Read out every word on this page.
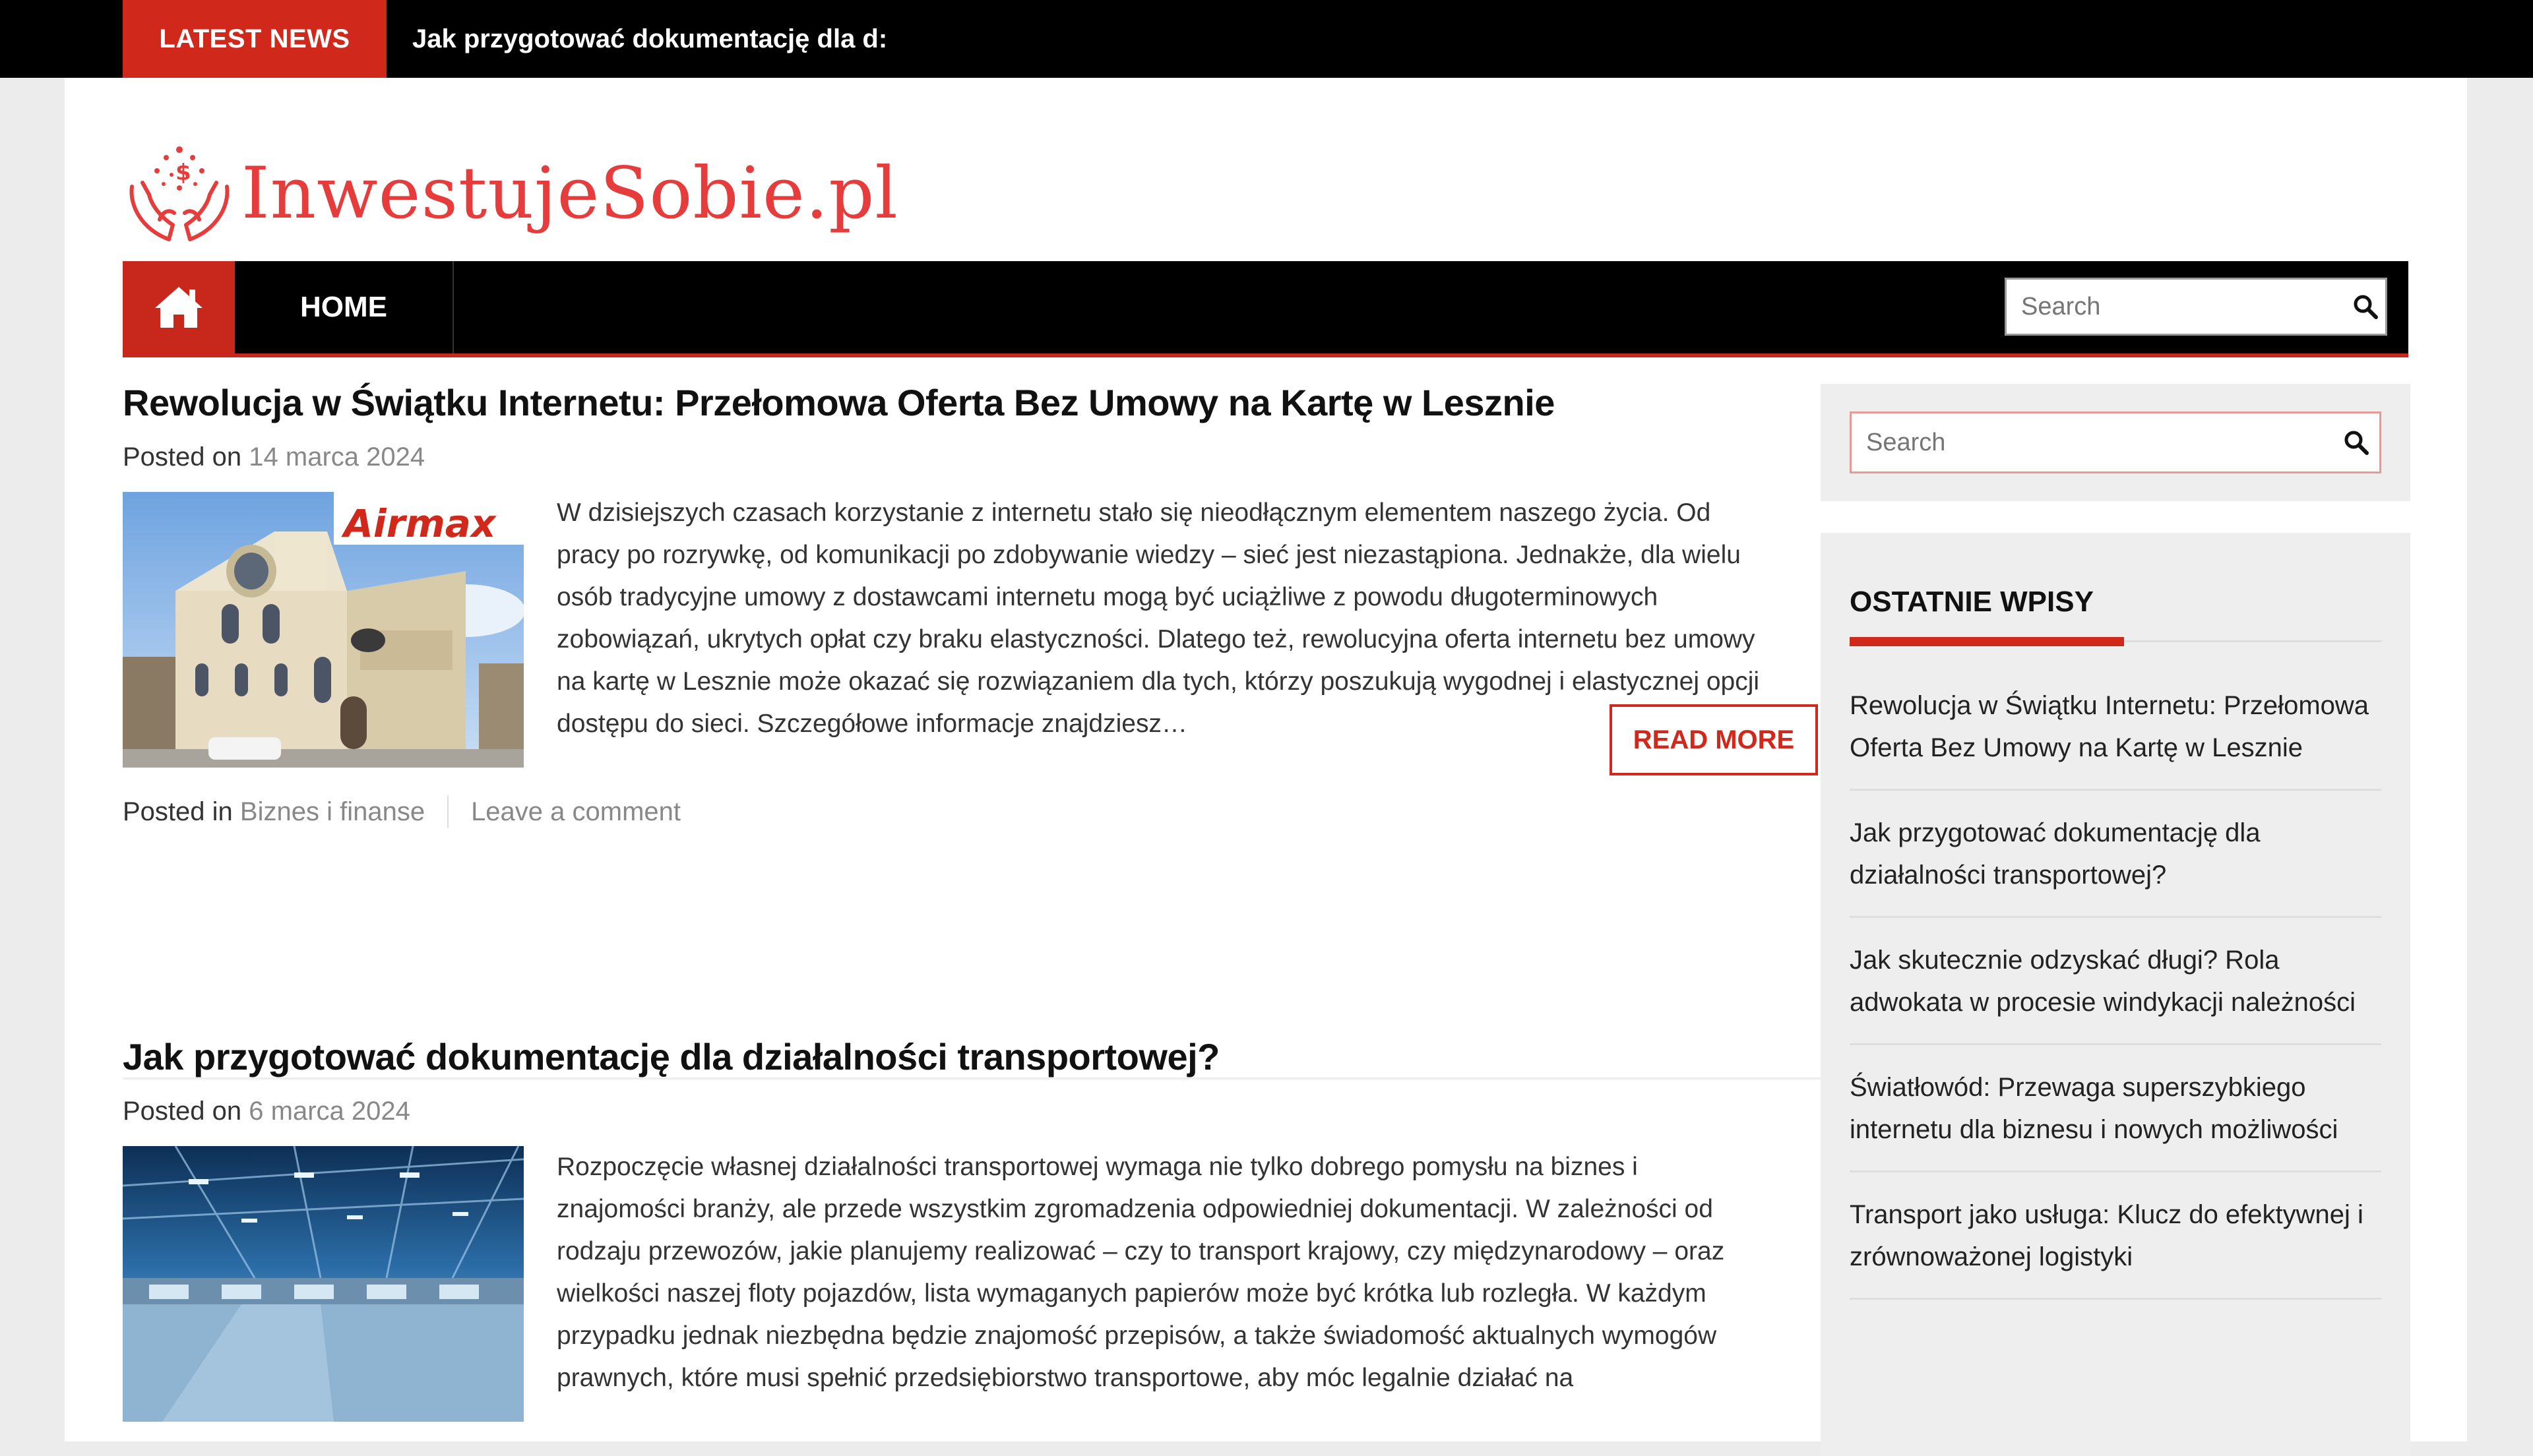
LATEST NEWS	Jak przygotować dokumentację dla d:
$ InwestujeSobie.pl
HOME
Search
Rewolucja w Świątku Internetu: Przełomowa Oferta Bez Umowy na Kartę w Lesznie
Posted on 14 marca 2024
Airmax W dzisiejszych czasach korzystanie z internetu stało się nieodłącznym elementem naszego życia. Od pracy po rozrywkę, od komunikacji po zdobywanie wiedzy – sieć jest niezastąpiona. Jednakże, dla wielu osób tradycyjne umowy z dostawcami internetu mogą być uciążliwe z powodu długoterminowych zobowiązań, ukrytych opłat czy braku elastyczności. Dlatego też, rewolucyjna oferta internetu bez umowy na kartę w Lesznie może okazać się rozwiązaniem dla tych, którzy poszukują wygodnej i elastycznej opcji dostępu do sieci. Szczegółowe informacje znajdziesz…
READ MORE
Posted in
Biznes i finanse Leave a comment
Jak przygotować dokumentację dla działalności transportowej?
Posted on 6 marca 2024
Rozpoczęcie własnej działalności transportowej wymaga nie tylko dobrego pomysłu na biznes i znajomości branży, ale przede wszystkim zgromadzenia odpowiedniej dokumentacji. W zależności od rodzaju przewozów, jakie planujemy realizować – czy to transport krajowy, czy międzynarodowy – oraz wielkości naszej floty pojazdów, lista wymaganych papierów może być krótka lub rozległa. W każdym przypadku jednak niezbędna będzie znajomość przepisów, a także świadomość aktualnych wymogów prawnych, które musi spełnić przedsiębiorstwo transportowe, aby móc legalnie działać na
Search
OSTATNIE WPISY
Rewolucja w Świątku Internetu: Przełomowa Oferta Bez Umowy na Kartę w Lesznie
Jak przygotować dokumentację dla działalności transportowej?
Jak skutecznie odzyskać długi? Rola adwokata w procesie windykacji należności
Światłowód: Przewaga superszybkiego internetu dla biznesu i nowych możliwości
Transport jako usługa: Klucz do efektywnej i zrównoważonej logistyki
